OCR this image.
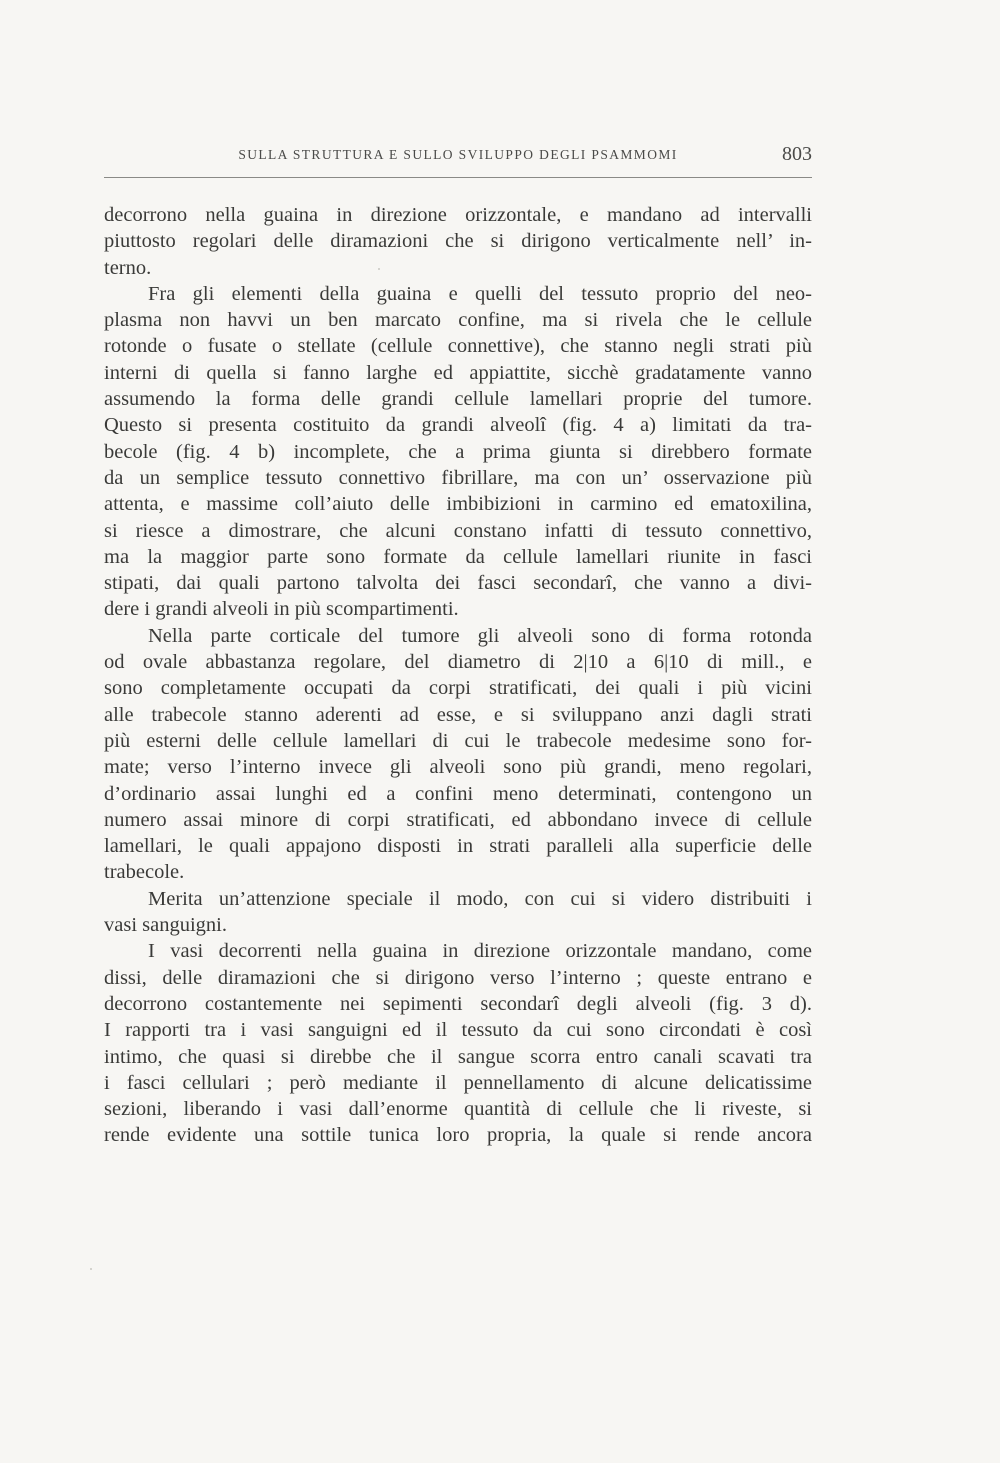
SULLA STRUTTURA E SULLO SVILUPPO DEGLI PSAMMOMI	803
decorrono nella guaina in direzione orizzontale, e mandano ad intervalli
piuttosto regolari delle diramazioni che si dirigono verticalmente nell’ in-
terno.
Fra gli elementi della guaina e quelli del tessuto proprio del neo-
plasma non havvi un ben marcato confine, ma si rivela che le cellule
rotonde o fusate o stellate (cellule connettive), che stanno negli strati più
interni di quella si fanno larghe ed appiattite, sicchè gradatamente vanno
assumendo la forma delle grandi cellule lamellari proprie del tumore.
Questo si presenta costituito da grandi alveolî (fig. 4 a) limitati da tra-
becole (fig. 4 b) incomplete, che a prima giunta si direbbero formate
da un semplice tessuto connettivo fibrillare, ma con un’ osservazione più
attenta, e massime coll’aiuto delle imbibizioni in carmino ed ematoxilina,
si riesce a dimostrare, che alcuni constano infatti di tessuto connettivo,
ma la maggior parte sono formate da cellule lamellari riunite in fasci
stipati, dai quali partono talvolta dei fasci secondarî, che vanno a divi-
dere i grandi alveoli in più scompartimenti.
Nella parte corticale del tumore gli alveoli sono di forma rotonda
od ovale abbastanza regolare, del diametro di 2|10 a 6|10 di mill., e
sono completamente occupati da corpi stratificati, dei quali i più vicini
alle trabecole stanno aderenti ad esse, e si sviluppano anzi dagli strati
più esterni delle cellule lamellari di cui le trabecole medesime sono for-
mate; verso l’interno invece gli alveoli sono più grandi, meno regolari,
d’ordinario assai lunghi ed a confini meno determinati, contengono un
numero assai minore di corpi stratificati, ed abbondano invece di cellule
lamellari, le quali appajono disposti in strati paralleli alla superficie delle
trabecole.
Merita un’attenzione speciale il modo, con cui si videro distribuiti i
vasi sanguigni.
I vasi decorrenti nella guaina in direzione orizzontale mandano, come
dissi, delle diramazioni che si dirigono verso l’interno ; queste entrano e
decorrono costantemente nei sepimenti secondarî degli alveoli (fig. 3 d).
I rapporti tra i vasi sanguigni ed il tessuto da cui sono circondati è così
intimo, che quasi si direbbe che il sangue scorra entro canali scavati tra
i fasci cellulari ; però mediante il pennellamento di alcune delicatissime
sezioni, liberando i vasi dall’enorme quantità di cellule che li riveste, si
rende evidente una sottile tunica loro propria, la quale si rende ancora
